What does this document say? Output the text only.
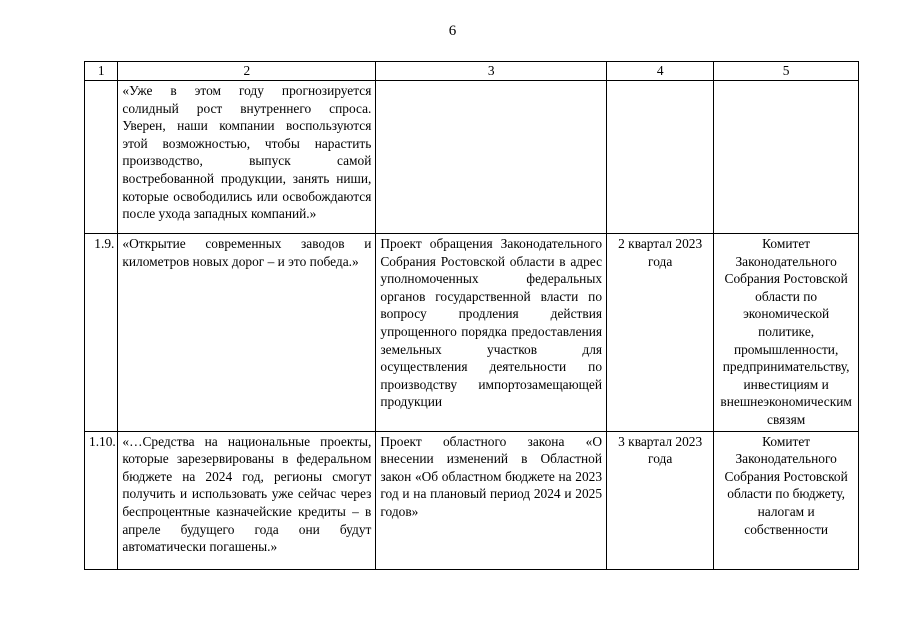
6
1	2	3	4	5
	«Уже в этом году прогнозируется солидный рост внутреннего спроса. Уверен, наши компании воспользуются этой возможностью, чтобы нарастить производство, выпуск самой востребованной продукции, занять ниши, которые освободились или освобождаются после ухода западных компаний.»			
1.9.	«Открытие современных заводов и километров новых дорог – и это победа.»	Проект обращения Законодательного Собрания Ростовской области в адрес уполномоченных федеральных органов государственной власти по вопросу продления действия упрощенного порядка предоставления земельных участков для осуществления деятельности по производству импортозамещающей продукции	2 квартал 2023 года	Комитет Законодательного Собрания Ростовской области по экономической политике, промышленности, предпринимательству, инвестициям и внешнеэкономическим связям
1.10.	«…Средства на национальные проекты, которые зарезервированы в федеральном бюджете на 2024 год, регионы смогут получить и использовать уже сейчас через беспроцентные казначейские кредиты – в апреле будущего года они будут автоматически погашены.»	Проект областного закона «О внесении изменений в Областной закон «Об областном бюджете на 2023 год и на плановый период 2024 и 2025 годов»	3 квартал 2023 года	Комитет Законодательного Собрания Ростовской области по бюджету, налогам и собственности
